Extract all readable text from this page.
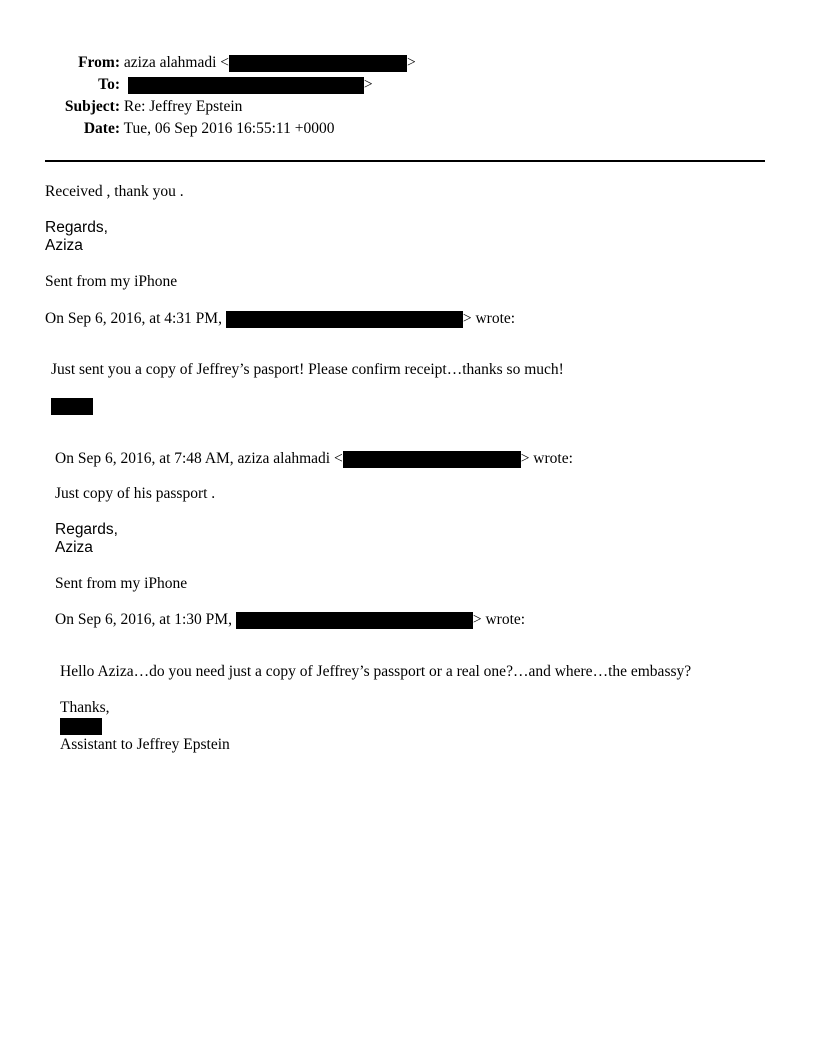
From: aziza alahmadi <	>
To:	>
Subject: Re: Jeffrey Epstein
Date: Tue, 06 Sep 2016 16:55:11 +0000
Received , thank you .
Regards,
Aziza
Sent from my iPhone
On Sep 6, 2016, at 4:31 PM,	> wrote:
Just sent you a copy of Jeffrey’s pasport! Please confirm receipt…thanks so much!
On Sep 6, 2016, at 7:48 AM, aziza alahmadi <	> wrote:
Just copy of his passport .
Regards,
Aziza
Sent from my iPhone
On Sep 6, 2016, at 1:30 PM,	> wrote:
Hello Aziza…do you need just a copy of Jeffrey’s passport or a real one?…and where…the embassy?
Thanks,
Assistant to Jeffrey Epstein
